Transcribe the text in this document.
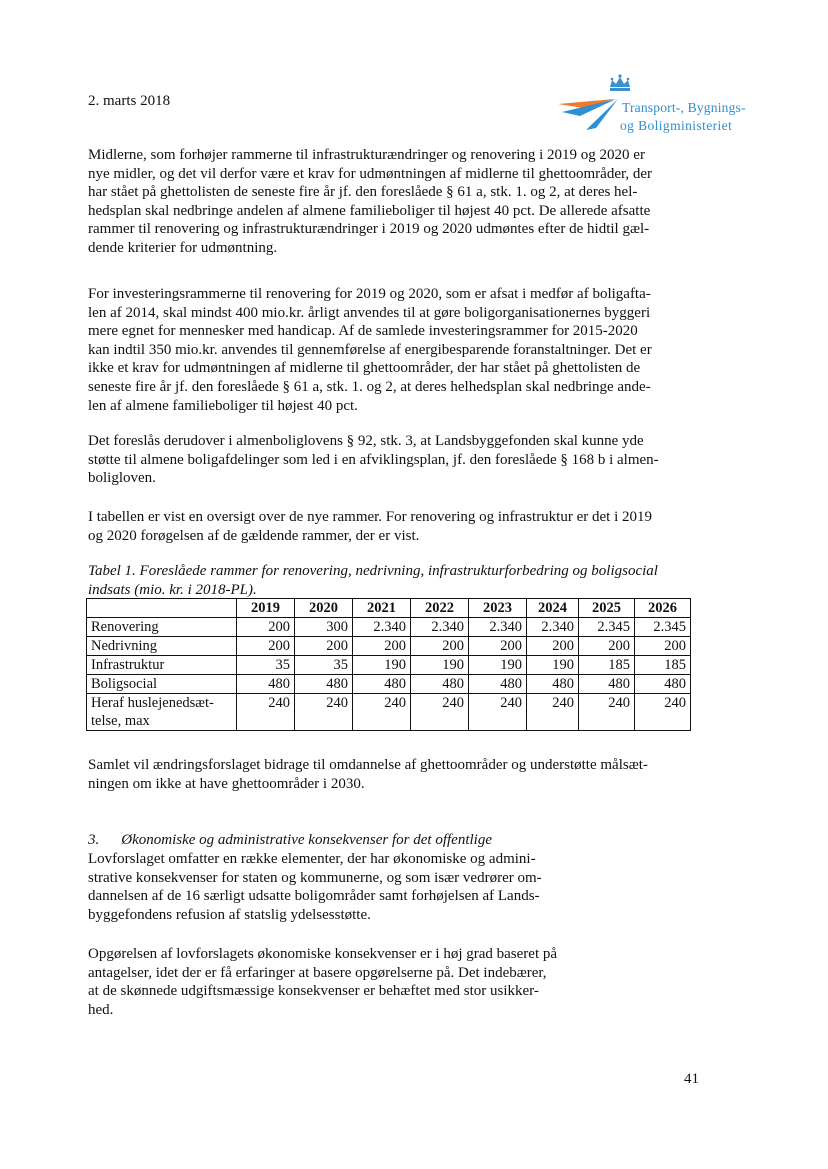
2. marts 2018	Transport-, Bygnings-
og Boligministeriet

Midlerne, som forhøjer rammerne til infrastrukturændringer og renovering i 2019 og 2020 er
nye midler, og det vil derfor være et krav for udmøntningen af midlerne til ghettoområder, der
har stået på ghettolisten de seneste fire år jf. den foreslåede § 61 a, stk. 1. og 2, at deres hel-
hedsplan skal nedbringe andelen af almene familieboliger til højest 40 pct. De allerede afsatte
rammer til renovering og infrastrukturændringer i 2019 og 2020 udmøntes efter de hidtil gæl-
dende kriterier for udmøntning.

For investeringsrammerne til renovering for 2019 og 2020, som er afsat i medfør af boligafta-
len af 2014, skal mindst 400 mio.kr. årligt anvendes til at gøre boligorganisationernes byggeri
mere egnet for mennesker med handicap. Af de samlede investeringsrammer for 2015-2020
kan indtil 350 mio.kr. anvendes til gennemførelse af energibesparende foranstaltninger. Det er
ikke et krav for udmøntningen af midlerne til ghettoområder, der har stået på ghettolisten de
seneste fire år jf. den foreslåede § 61 a, stk. 1. og 2, at deres helhedsplan skal nedbringe ande-
len af almene familieboliger til højest 40 pct.

Det foreslås derudover i almenboliglovens § 92, stk. 3, at Landsbyggefonden skal kunne yde
støtte til almene boligafdelinger som led i en afviklingsplan, jf. den foreslåede § 168 b i almen-
boligloven.

I tabellen er vist en oversigt over de nye rammer. For renovering og infrastruktur er det i 2019
og 2020 forøgelsen af de gældende rammer, der er vist.

Tabel 1. Foreslåede rammer for renovering, nedrivning, infrastrukturforbedring og boligsocial
indsats (mio. kr. i 2018-PL).
	2019	2020	2021	2022	2023	2024	2025	2026
Renovering	200	300	2.340	2.340	2.340	2.340	2.345	2.345
Nedrivning	200	200	200	200	200	200	200	200
Infrastruktur	35	35	190	190	190	190	185	185
Boligsocial	480	480	480	480	480	480	480	480

Heraf huslejenedsæt-
telse, max	240	240	240	240	240	240	240	240

Samlet vil ændringsforslaget bidrage til omdannelse af ghettoområder og understøtte målsæt-
ningen om ikke at have ghettoområder i 2030.

3. Økonomiske og administrative konsekvenser for det offentlige

Lovforslaget omfatter en række elementer, der har økonomiske og admini-
strative konsekvenser for staten og kommunerne, og som især vedrører om-
dannelsen af de 16 særligt udsatte boligområder samt forhøjelsen af Lands-
byggefondens refusion af statslig ydelsesstøtte.

Opgørelsen af lovforslagets økonomiske konsekvenser er i høj grad baseret på
antagelser, idet der er få erfaringer at basere opgørelserne på. Det indebærer,
at de skønnede udgiftsmæssige konsekvenser er behæftet med stor usikker-
hed.

41
